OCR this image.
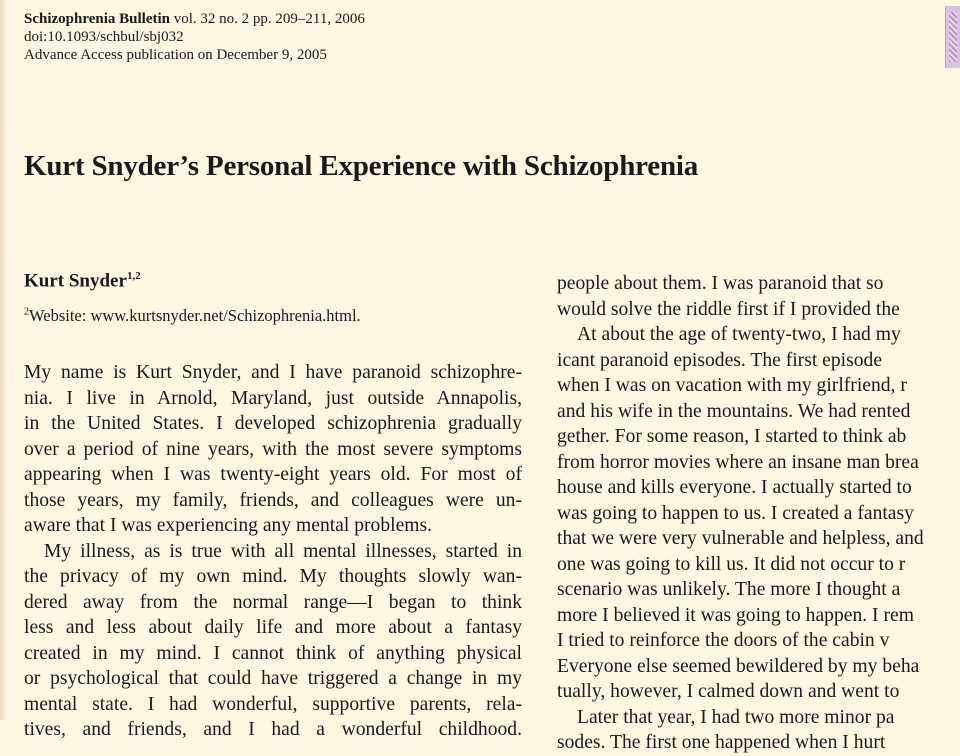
Schizophrenia Bulletin vol. 32 no. 2 pp. 209–211, 2006
doi:10.1093/schbul/sbj032
Advance Access publication on December 9, 2005
Kurt Snyder’s Personal Experience with Schizophrenia
Kurt Snyder$^{1,2}$
$^2$Website: www.kurtsnyder.net/Schizophrenia.html.
My name is Kurt Snyder, and I have paranoid schizophre-
nia. I live in Arnold, Maryland, just outside Annapolis,
in the United States. I developed schizophrenia gradually
over a period of nine years, with the most severe symptoms
appearing when I was twenty-eight years old. For most of
those years, my family, friends, and colleagues were un-
aware that I was experiencing any mental problems.
My illness, as is true with all mental illnesses, started in
the privacy of my own mind. My thoughts slowly wan-
dered away from the normal range—I began to think
less and less about daily life and more about a fantasy
created in my mind. I cannot think of anything physical
or psychological that could have triggered a change in my
mental state. I had wonderful, supportive parents, rela-
tives, and friends, and I had a wonderful childhood.
people about them. I was paranoid that so
would solve the riddle first if I provided the
At about the age of twenty-two, I had my
icant paranoid episodes. The first episode
when I was on vacation with my girlfriend, r
and his wife in the mountains. We had rented
gether. For some reason, I started to think ab
from horror movies where an insane man brea
house and kills everyone. I actually started to
was going to happen to us. I created a fantasy
that we were very vulnerable and helpless, and
one was going to kill us. It did not occur to r
scenario was unlikely. The more I thought a
more I believed it was going to happen. I rem
I tried to reinforce the doors of the cabin v
Everyone else seemed bewildered by my beha
tually, however, I calmed down and went to
Later that year, I had two more minor pa
sodes. The first one happened when I hurt
